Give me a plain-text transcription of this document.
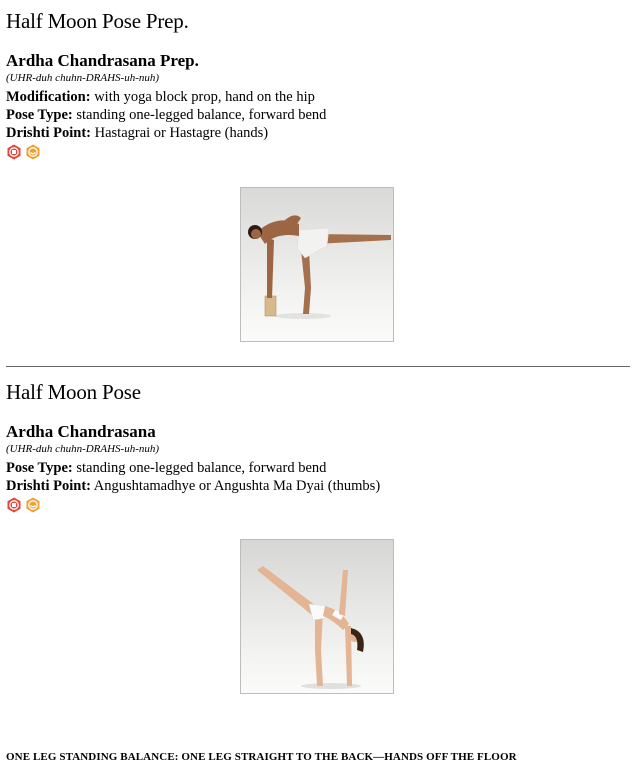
Half Moon Pose Prep.
Ardha Chandrasana Prep.

(UHR-duh chuhn-DRAHS-uh-nuh)

Modification: with yoga block prop, hand on the hip

Pose Type: standing one-legged balance, forward bend

Drishti Point: Hastagrai or Hastagre (hands)

Half Moon Pose
Ardha Chandrasana

(UHR-duh chuhn-DRAHS-uh-nuh)

Pose Type: standing one-legged balance, forward bend

Drishti Point: Angushtamadhye or Angushta Ma Dyai (thumbs)

ONE LEG STANDING BALANCE: ONE LEG STRAIGHT TO THE BACK—HANDS OFF THE FLOOR
